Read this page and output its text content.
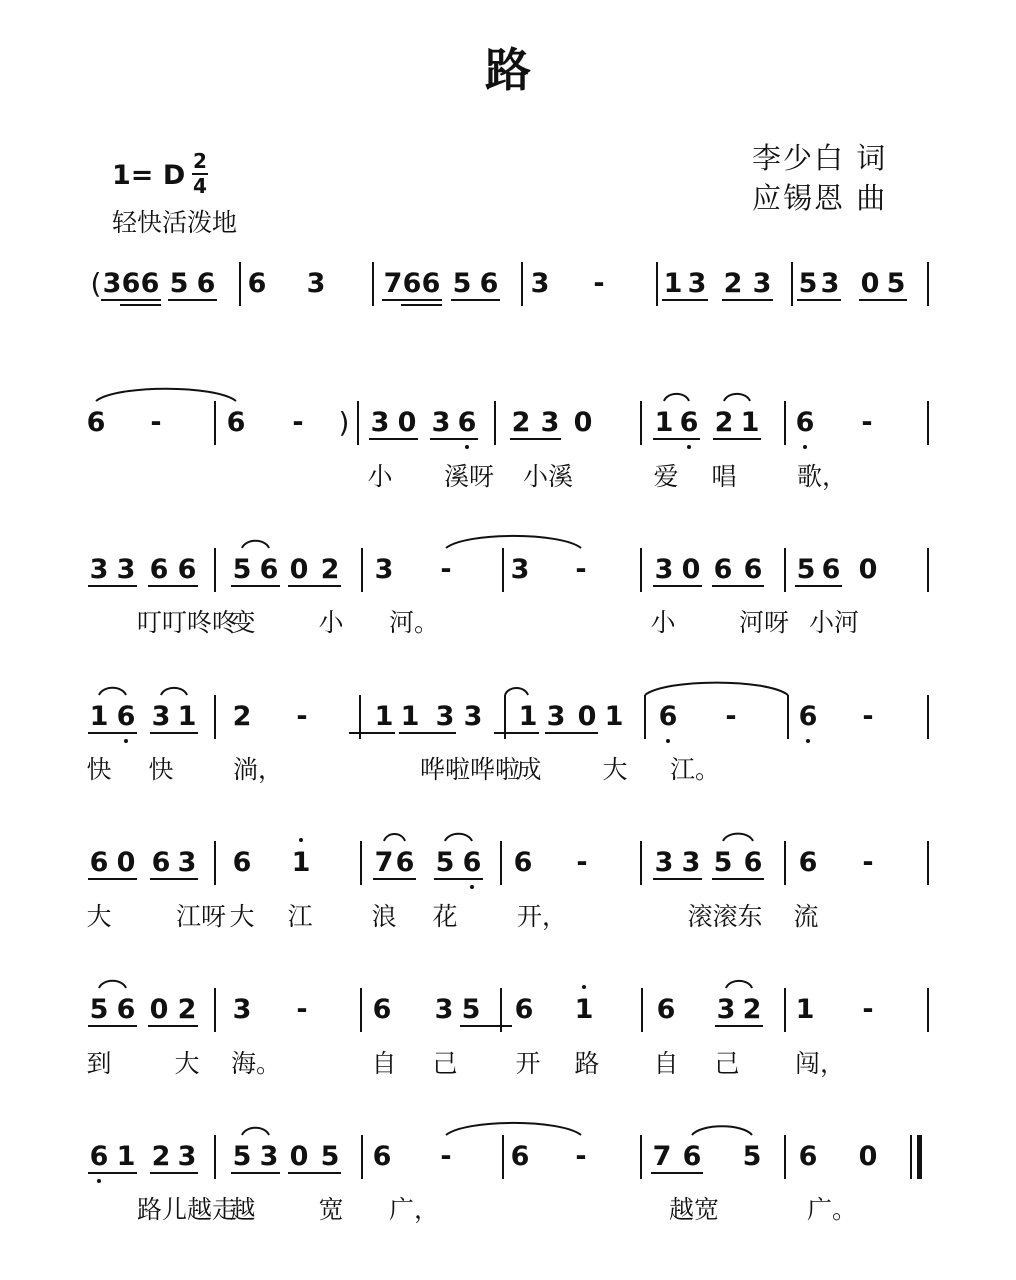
路
李少白 词
应锡恩 曲
1= D 2
4
轻快活泼地
( 3 6 6 5 6 6 3 7 6 6 5 6 3 - 1 3 2 3 5 3 0 5
6 - 6 - ) 3 0 3 6 2 3 0 1 6 2 1 6 -
小 溪呀 小溪	爱 唱 歌，
3 3 6 6 5 6 0 2 3 - 3 -	3 0 6 6 5 6 0
叮叮咚咚
变	小 河。	小	河呀 小河
1 6 3 1 2 - 1 1 3 3 1 3 0 1 6 - 6 -
快 快 淌，	哗啦哗啦
成 大 江。
6 0 6 3 6 1 7 6 5 6 6 - 3 3 5 6 6 -
大	江呀 大 江 浪 花 开，	滚滚东 流
5 6 0 2 3 - 6 3 5 6 1 6 3 2 1 -
到	大 海。	自 己 开 路 自 己 闯，
6 1 2 3 5 3 0 5 6 - 6 - 7 6 5 6 0
路儿越走
越	宽 广，	越宽	广。
